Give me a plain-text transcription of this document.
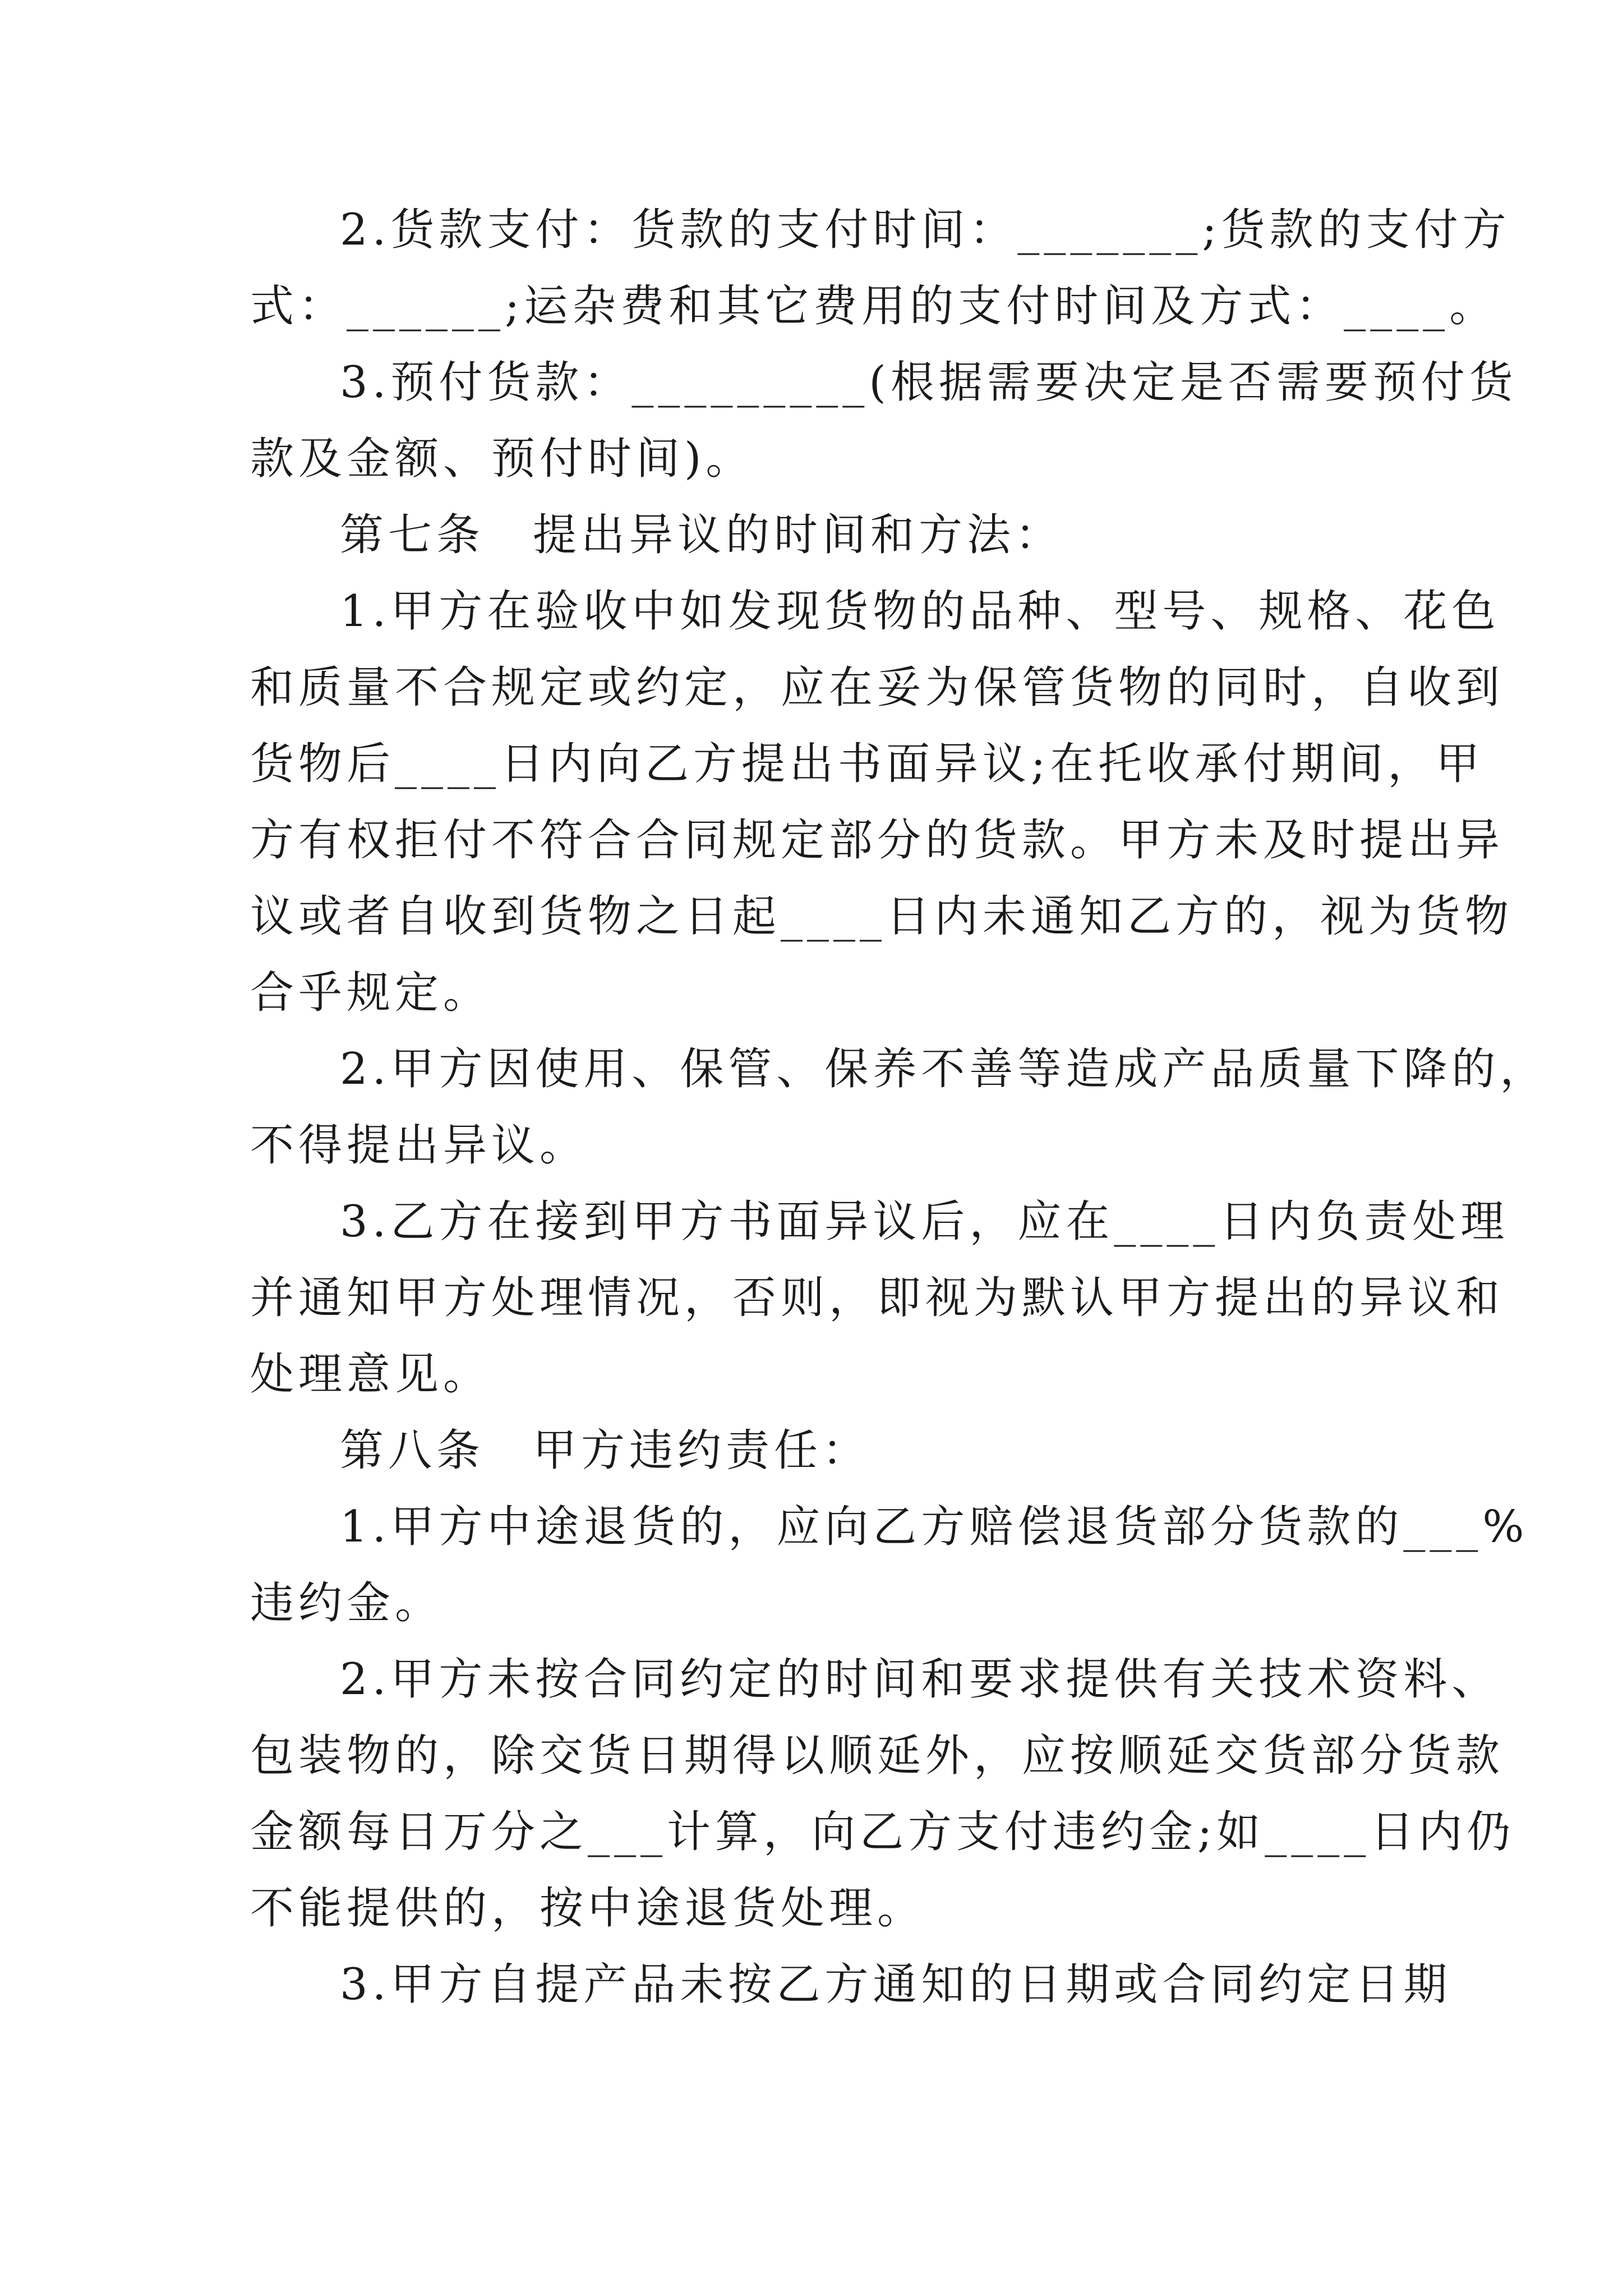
2.货款支付：货款的支付时间：_______;货款的支付方
式：______;运杂费和其它费用的支付时间及方式：____。
3.预付货款：_________(根据需要决定是否需要预付货
款及金额、预付时间)。
第七条　提出异议的时间和方法：
1.甲方在验收中如发现货物的品种、型号、规格、花色
和质量不合规定或约定，应在妥为保管货物的同时，自收到
货物后____日内向乙方提出书面异议;在托收承付期间，甲
方有权拒付不符合合同规定部分的货款。甲方未及时提出异
议或者自收到货物之日起____日内未通知乙方的，视为货物
合乎规定。
2.甲方因使用、保管、保养不善等造成产品质量下降的，
不得提出异议。
3.乙方在接到甲方书面异议后，应在____日内负责处理
并通知甲方处理情况，否则，即视为默认甲方提出的异议和
处理意见。
第八条　甲方违约责任：
1.甲方中途退货的，应向乙方赔偿退货部分货款的___%
违约金。
2.甲方未按合同约定的时间和要求提供有关技术资料、
包装物的，除交货日期得以顺延外，应按顺延交货部分货款
金额每日万分之___计算，向乙方支付违约金;如____日内仍
不能提供的，按中途退货处理。
3.甲方自提产品未按乙方通知的日期或合同约定日期
